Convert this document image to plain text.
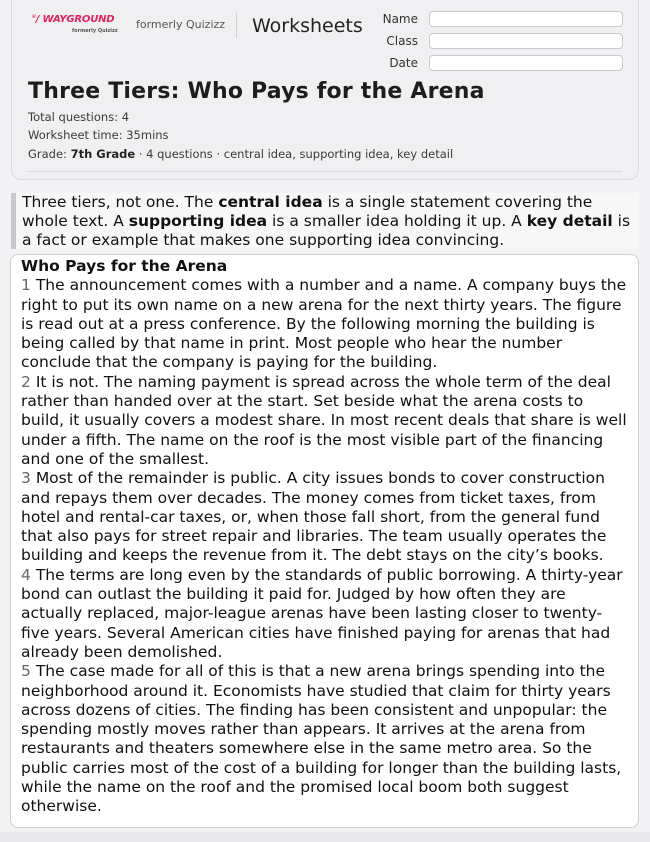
ᐡ/ WAYGROUND
formerly Quizizz formerly Quizizz Worksheets	Name
Class
Date
Three Tiers: Who Pays for the Arena
Total questions: 4
Worksheet time: 35mins
Grade: 7th Grade · 4 questions · central idea, supporting idea, key detail
Three tiers, not one. The central idea is a single statement covering the whole text. A supporting idea is a smaller idea holding it up. A key detail is a fact or example that makes one supporting idea convincing.
Who Pays for the Arena
1 The announcement comes with a number and a name. A company buys the right to put its own name on a new arena for the next thirty years. The figure is read out at a press conference. By the following morning the building is being called by that name in print. Most people who hear the number conclude that the company is paying for the building.
2 It is not. The naming payment is spread across the whole term of the deal rather than handed over at the start. Set beside what the arena costs to build, it usually covers a modest share. In most recent deals that share is well under a fifth. The name on the roof is the most visible part of the financing and one of the smallest.
3 Most of the remainder is public. A city issues bonds to cover construction and repays them over decades. The money comes from ticket taxes, from hotel and rental-car taxes, or, when those fall short, from the general fund that also pays for street repair and libraries. The team usually operates the building and keeps the revenue from it. The debt stays on the city’s books.
4 The terms are long even by the standards of public borrowing. A thirty-year bond can outlast the building it paid for. Judged by how often they are actually replaced, major-league arenas have been lasting closer to twenty-five years. Several American cities have finished paying for arenas that had already been demolished.
5 The case made for all of this is that a new arena brings spending into the neighborhood around it. Economists have studied that claim for thirty years across dozens of cities. The finding has been consistent and unpopular: the spending mostly moves rather than appears. It arrives at the arena from restaurants and theaters somewhere else in the same metro area. So the public carries most of the cost of a building for longer than the building lasts, while the name on the roof and the promised local boom both suggest otherwise.
